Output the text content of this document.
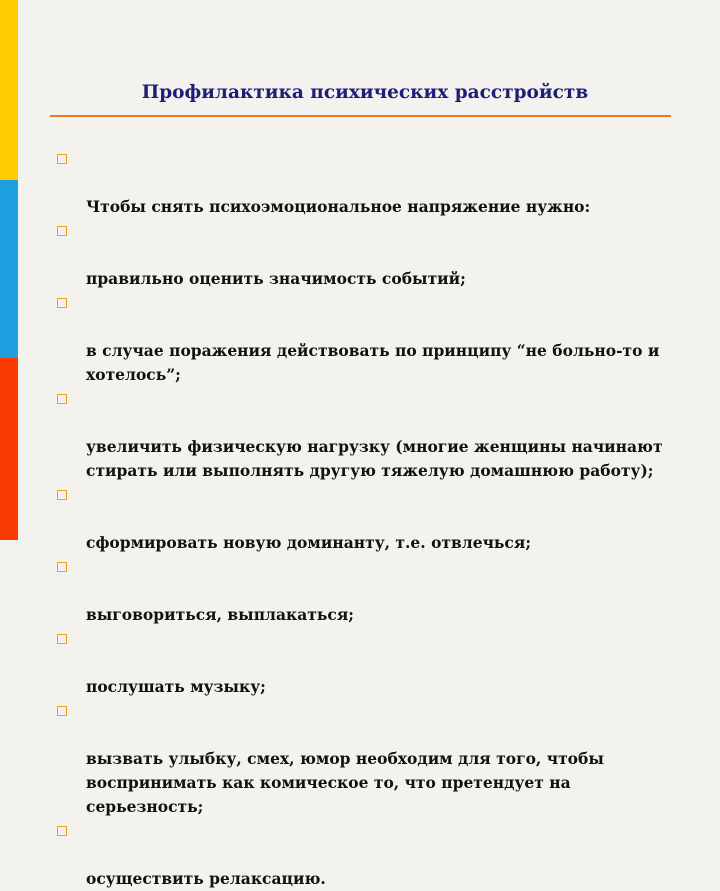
Профилактика психических расстройств

Чтобы снять психоэмоциональное напряжение нужно:

правильно оценить значимость событий;

в случае поражения действовать по принципу “не больно-то и
хотелось”;

увеличить физическую нагрузку (многие женщины начинают
стирать или выполнять другую тяжелую домашнюю работу);

сформировать новую доминанту, т.е. отвлечься;

выговориться, выплакаться;

послушать музыку;

вызвать улыбку, смех, юмор необходим для того, чтобы
воспринимать как комическое то, что претендует на
серьезность;

осуществить релаксацию.
